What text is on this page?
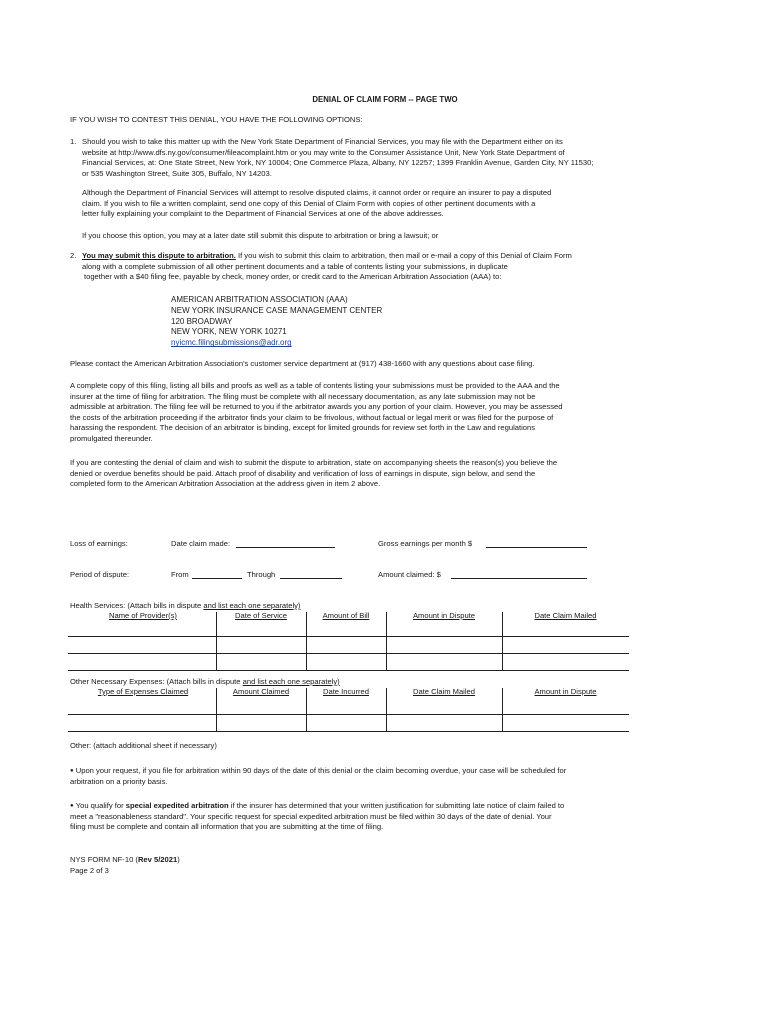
DENIAL OF CLAIM FORM -- PAGE TWO
IF YOU WISH TO CONTEST THIS DENIAL, YOU HAVE THE FOLLOWING OPTIONS:
1. Should you wish to take this matter up with the New York State Department of Financial Services, you may file with the Department either on its
website at http://www.dfs.ny.gov/consumer/fileacomplaint.htm or you may write to the Consumer Assistance Unit, New York State Department of
Financial Services, at: One State Street, New York, NY 10004; One Commerce Plaza, Albany, NY 12257; 1399 Franklin Avenue, Garden City, NY 11530;
or 535 Washington Street, Suite 305, Buffalo, NY 14203.
Although the Department of Financial Services will attempt to resolve disputed claims, it cannot order or require an insurer to pay a disputed
claim. If you wish to file a written complaint, send one copy of this Denial of Claim Form with copies of other pertinent documents with a
letter fully explaining your complaint to the Department of Financial Services at one of the above addresses.
If you choose this option, you may at a later date still submit this dispute to arbitration or bring a lawsuit; or
2. You may submit this dispute to arbitration. If you wish to submit this claim to arbitration, then mail or e-mail a copy of this Denial of Claim Form
along with a complete submission of all other pertinent documents and a table of contents listing your submissions, in duplicate
together with a $40 filing fee, payable by check, money order, or credit card to the American Arbitration Association (AAA) to:
AMERICAN ARBITRATION ASSOCIATION (AAA)
NEW YORK INSURANCE CASE MANAGEMENT CENTER
120 BROADWAY
NEW YORK, NEW YORK 10271
nyicmc.filingsubmissions@adr.org
Please contact the American Arbitration Association's customer service department at (917) 438-1660 with any questions about case filing.
A complete copy of this filing, listing all bills and proofs as well as a table of contents listing your submissions must be provided to the AAA and the
insurer at the time of filing for arbitration. The filing must be complete with all necessary documentation, as any late submission may not be
admissible at arbitration. The filing fee will be returned to you if the arbitrator awards you any portion of your claim. However, you may be assessed
the costs of the arbitration proceeding if the arbitrator finds your claim to be frivolous, without factual or legal merit or was filed for the purpose of
harassing the respondent. The decision of an arbitrator is binding, except for limited grounds for review set forth in the Law and regulations
promulgated thereunder.
If you are contesting the denial of claim and wish to submit the dispute to arbitration, state on accompanying sheets the reason(s) you believe the
denied or overdue benefits should be paid. Attach proof of disability and verification of loss of earnings in dispute, sign below, and send the
completed form to the American Arbitration Association at the address given in item 2 above.
Loss of earnings:	Date claim made:	Gross earnings per month $
Period of dispute:	From	Through	Amount claimed: $
Health Services: (Attach bills in dispute and list each one separately)
Name of Provider(s)	Date of Service	Amount of Bill	Amount in Dispute	Date Claim Mailed
Other Necessary Expenses: (Attach bills in dispute and list each one separately)
Type of Expenses Claimed	Amount Claimed	Date Incurred	Date Claim Mailed	Amount in Dispute
Other: (attach additional sheet if necessary)
● Upon your request, if you file for arbitration within 90 days of the date of this denial or the claim becoming overdue, your case will be scheduled for
arbitration on a priority basis.
● You qualify for special expedited arbitration if the insurer has determined that your written justification for submitting late notice of claim failed to
meet a "reasonableness standard". Your specific request for special expedited arbitration must be filed within 30 days of the date of denial. Your
filing must be complete and contain all information that you are submitting at the time of filing.
NYS FORM NF-10 (Rev 5/2021)
Page 2 of 3
